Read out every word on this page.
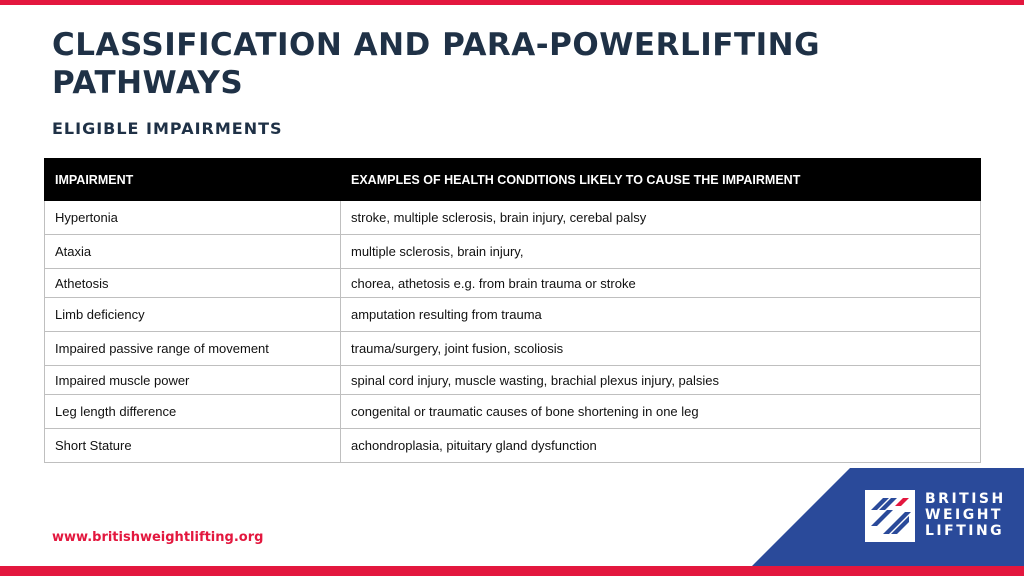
CLASSIFICATION AND PARA-POWERLIFTING PATHWAYS
ELIGIBLE IMPAIRMENTS
IMPAIRMENT	EXAMPLES OF HEALTH CONDITIONS LIKELY TO CAUSE THE IMPAIRMENT
Hypertonia	stroke, multiple sclerosis, brain injury, cerebal palsy
Ataxia	multiple sclerosis, brain injury,
Athetosis	chorea, athetosis e.g. from brain trauma or stroke
Limb deficiency	amputation resulting from trauma
Impaired passive range of movement	trauma/surgery, joint fusion, scoliosis
Impaired muscle power	spinal cord injury, muscle wasting, brachial plexus injury, palsies
Leg length difference	congenital or traumatic causes of bone shortening in one leg
Short Stature	achondroplasia, pituitary gland dysfunction
www.britishweightlifting.org
BRITISH
WEIGHT
LIFTING
